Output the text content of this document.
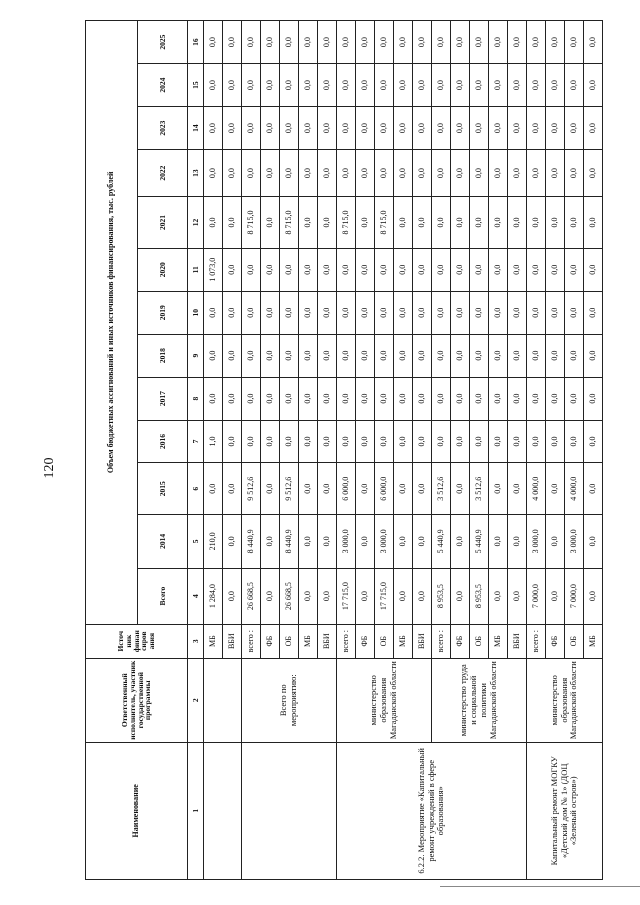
120
Наименование	Ответственный исполнитель, участник государственной программы	Источ ник финан сиров ания	Объем бюджетных ассигнований и иных источников финансирования, тыс. рублей												
			Всего	2014	2015	2016	2017	2018	2019	2020	2021	2022	2023	2024	2025
1	2	3	4	5	6	7	8	9	10	11	12	13	14	15	16
		МБ	1 284,0	210,0	0,0	1,0	0,0	0,0	0,0	1 073,0	0,0	0,0	0,0	0,0	0,0
		ВБИ	0,0	0,0	0,0	0,0	0,0	0,0	0,0	0,0	0,0	0,0	0,0	0,0	0,0
	Всего по мероприятию:	всего :	26 668,5	8 440,9	9 512,6	0,0	0,0	0,0	0,0	0,0	8 715,0	0,0	0,0	0,0	0,0
		ФБ	0,0	0,0	0,0	0,0	0,0	0,0	0,0	0,0	0,0	0,0	0,0	0,0	0,0
		ОБ	26 668,5	8 440,9	9 512,6	0,0	0,0	0,0	0,0	0,0	8 715,0	0,0	0,0	0,0	0,0
		МБ	0,0	0,0	0,0	0,0	0,0	0,0	0,0	0,0	0,0	0,0	0,0	0,0	0,0
		ВБИ	0,0	0,0	0,0	0,0	0,0	0,0	0,0	0,0	0,0	0,0	0,0	0,0	0,0
6.2.2. Мероприятие «Капитальный ремонт учреждений в сфере образования»	министерство образования Магаданской области	всего :	17 715,0	3 000,0	6 000,0	0,0	0,0	0,0	0,0	0,0	8 715,0	0,0	0,0	0,0	0,0
		ФБ	0,0	0,0	0,0	0,0	0,0	0,0	0,0	0,0	0,0	0,0	0,0	0,0	0,0
		ОБ	17 715,0	3 000,0	6 000,0	0,0	0,0	0,0	0,0	0,0	8 715,0	0,0	0,0	0,0	0,0
		МБ	0,0	0,0	0,0	0,0	0,0	0,0	0,0	0,0	0,0	0,0	0,0	0,0	0,0
		ВБИ	0,0	0,0	0,0	0,0	0,0	0,0	0,0	0,0	0,0	0,0	0,0	0,0	0,0
	министерство труда и социальной политики Магаданской области	всего :	8 953,5	5 440,9	3 512,6	0,0	0,0	0,0	0,0	0,0	0,0	0,0	0,0	0,0	0,0
		ФБ	0,0	0,0	0,0	0,0	0,0	0,0	0,0	0,0	0,0	0,0	0,0	0,0	0,0
		ОБ	8 953,5	5 440,9	3 512,6	0,0	0,0	0,0	0,0	0,0	0,0	0,0	0,0	0,0	0,0
		МБ	0,0	0,0	0,0	0,0	0,0	0,0	0,0	0,0	0,0	0,0	0,0	0,0	0,0
		ВБИ	0,0	0,0	0,0	0,0	0,0	0,0	0,0	0,0	0,0	0,0	0,0	0,0	0,0
Капитальный ремонт МОГКУ «Детский дом № 1» (ДОЦ «Зеленый остров»)	министерство образования Магаданской области	всего :	7 000,0	3 000,0	4 000,0	0,0	0,0	0,0	0,0	0,0	0,0	0,0	0,0	0,0	0,0
		ФБ	0,0	0,0	0,0	0,0	0,0	0,0	0,0	0,0	0,0	0,0	0,0	0,0	0,0
		ОБ	7 000,0	3 000,0	4 000,0	0,0	0,0	0,0	0,0	0,0	0,0	0,0	0,0	0,0	0,0
		МБ	0,0	0,0	0,0	0,0	0,0	0,0	0,0	0,0	0,0	0,0	0,0	0,0	0,0
